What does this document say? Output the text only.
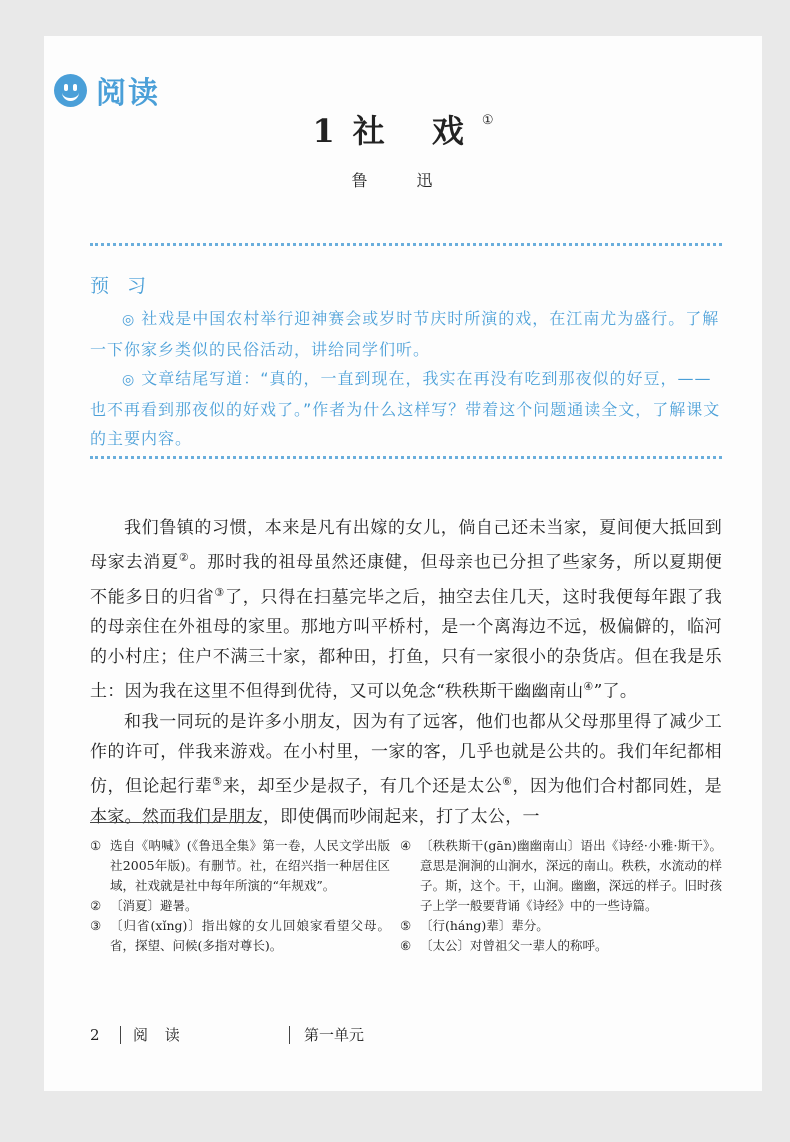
阅读
1 社 戏①
鲁 迅
预 习

◎ 社戏是中国农村举行迎神赛会或岁时节庆时所演的戏，在江南尤为盛行。了解一下你家乡类似的民俗活动，讲给同学们听。

◎ 文章结尾写道：“真的，一直到现在，我实在再没有吃到那夜似的好豆，——也不再看到那夜似的好戏了。”作者为什么这样写？带着这个问题通读全文，了解课文的主要内容。

我们鲁镇的习惯，本来是凡有出嫁的女儿，倘自己还未当家，夏间便大抵回到母家去消夏②。那时我的祖母虽然还康健，但母亲也已分担了些家务，所以夏期便不能多日的归省③了，只得在扫墓完毕之后，抽空去住几天，这时我便每年跟了我的母亲住在外祖母的家里。那地方叫平桥村，是一个离海边不远，极偏僻的，临河的小村庄；住户不满三十家，都种田，打鱼，只有一家很小的杂货店。但在我是乐土：因为我在这里不但得到优待，又可以免念“秩秩斯干幽幽南山④”了。

和我一同玩的是许多小朋友，因为有了远客，他们也都从父母那里得了减少工作的许可，伴我来游戏。在小村里，一家的客，几乎也就是公共的。我们年纪都相仿，但论起行辈⑤来，却至少是叔子，有几个还是太公⑥，因为他们合村都同姓，是本家。然而我们是朋友，即使偶而吵闹起来，打了太公，一

① 选自《呐喊》(《鲁迅全集》第一卷，人民文学出版社2005年版)。有删节。社，在绍兴指一种居住区域，社戏就是社中每年所演的“年规戏”。
② 〔消夏〕避暑。
③ 〔归省(xǐng)〕指出嫁的女儿回娘家看望父母。省，探望、问候(多指对尊长)。
④ 〔秩秩斯干(gān)幽幽南山〕语出《诗经·小雅·斯干》。意思是涧涧的山涧水，深远的南山。秩秩，水流动的样子。斯，这个。干，山涧。幽幽，深远的样子。旧时孩子上学一般要背诵《诗经》中的一些诗篇。
⑤ 〔行(háng)辈〕辈分。
⑥ 〔太公〕对曾祖父一辈人的称呼。
2	阅 读	第一单元
